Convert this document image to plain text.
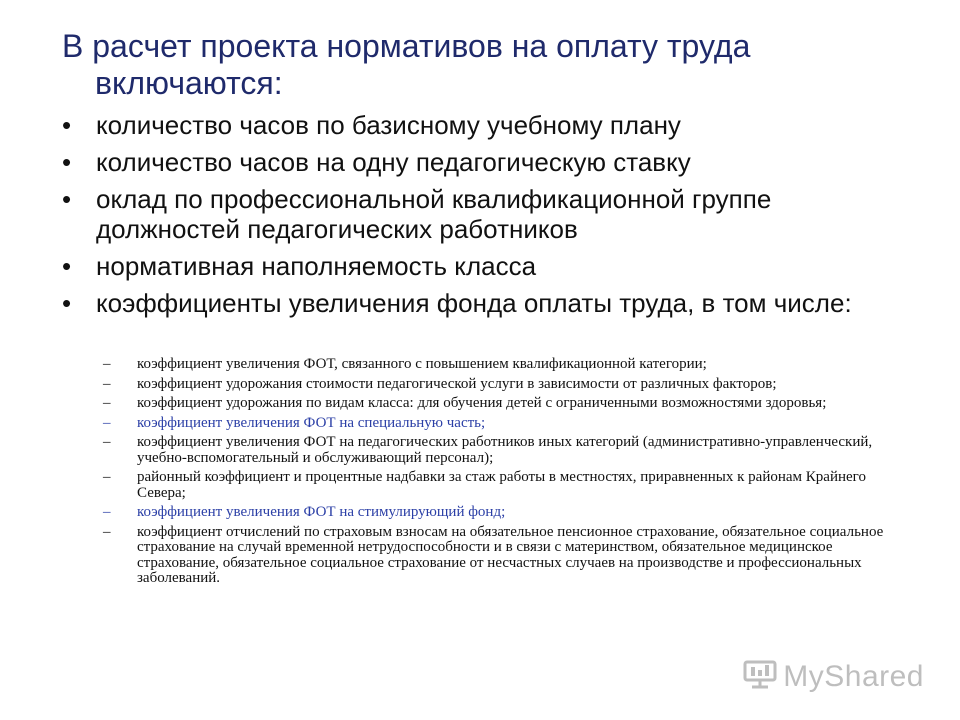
В расчет проекта нормативов на оплату труда
включаются:
• количество часов по базисному учебному плану
• количество часов на одну педагогическую ставку
• оклад по профессиональной квалификационной группе должностей педагогических работников
• нормативная наполняемость класса
• коэффициенты увеличения фонда оплаты труда, в том числе:
– коэффициент увеличения ФОТ, связанного с повышением квалификационной категории;
– коэффициент удорожания стоимости педагогической услуги в зависимости от различных факторов;
– коэффициент удорожания по видам класса: для обучения детей с ограниченными возможностями здоровья;
– коэффициент увеличения ФОТ на специальную часть;
– коэффициент увеличения ФОТ на педагогических работников иных категорий (административно-управленческий, учебно-вспомогательный и обслуживающий персонал);
– районный коэффициент и процентные надбавки за стаж работы в местностях, приравненных к районам Крайнего Севера;
– коэффициент увеличения ФОТ на стимулирующий фонд;
– коэффициент отчислений по страховым взносам на обязательное пенсионное страхование, обязательное социальное страхование на случай временной нетрудоспособности и в связи с материнством, обязательное медицинское страхование, обязательное социальное страхование от несчастных случаев на производстве и профессиональных заболеваний.
MyShared
